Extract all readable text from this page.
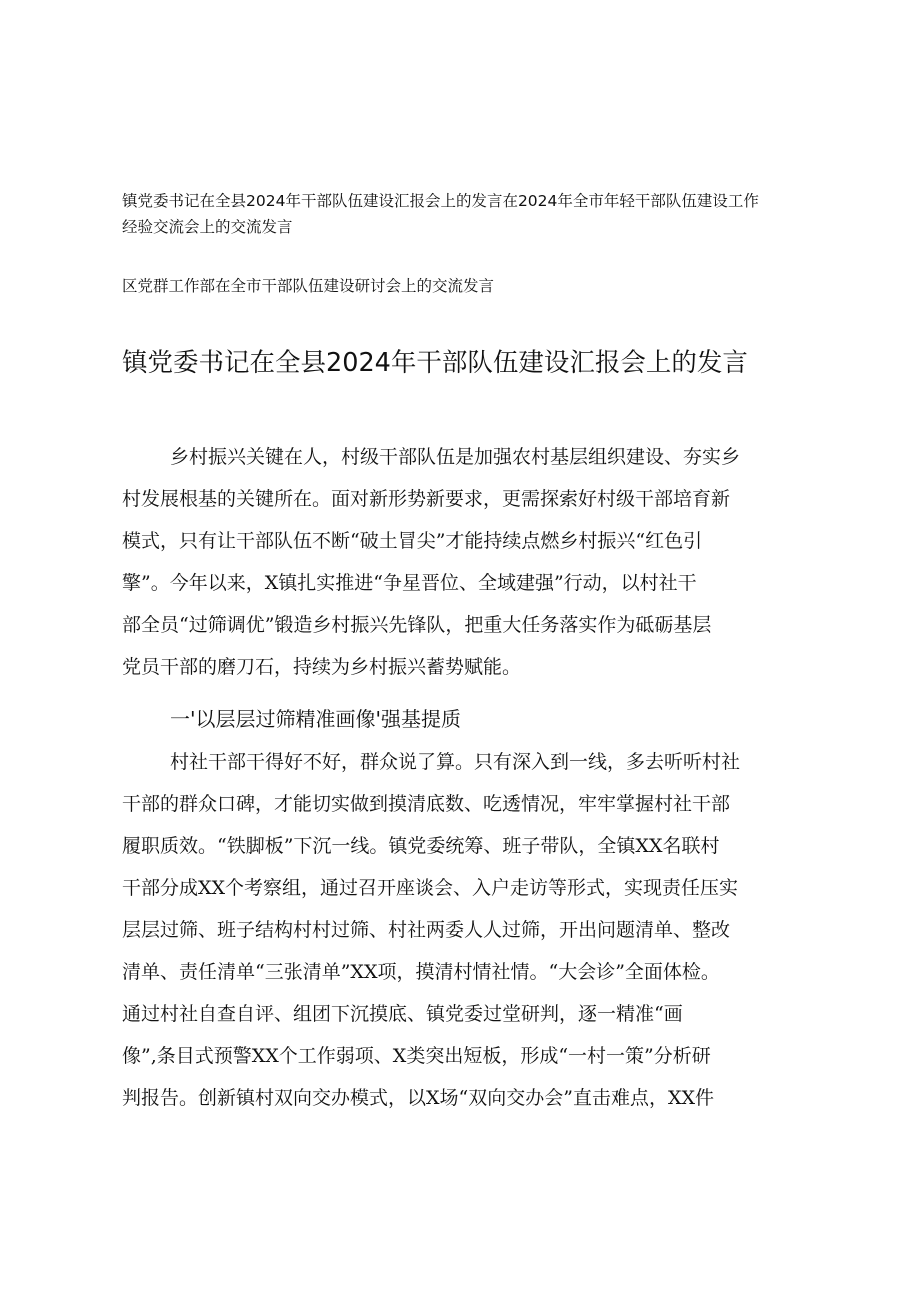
镇党委书记在全县2024年干部队伍建设汇报会上的发言在2024年全市年轻干部队伍建设工作
经验交流会上的交流发言
区党群工作部在全市干部队伍建设研讨会上的交流发言
镇党委书记在全县2024年干部队伍建设汇报会上的发言
乡村振兴关键在人，村级干部队伍是加强农村基层组织建设、夯实乡
村发展根基的关键所在。面对新形势新要求，更需探索好村级干部培育新
模式，只有让干部队伍不断“破土冒尖”才能持续点燃乡村振兴“红色引
擎”。今年以来，X镇扎实推进“争星晋位、全域建强”行动，以村社干
部全员“过筛调优”锻造乡村振兴先锋队，把重大任务落实作为砥砺基层
党员干部的磨刀石，持续为乡村振兴蓄势赋能。
一'以层层过筛精准画像'强基提质
村社干部干得好不好，群众说了算。只有深入到一线，多去听听村社
干部的群众口碑，才能切实做到摸清底数、吃透情况，牢牢掌握村社干部
履职质效。“铁脚板”下沉一线。镇党委统筹、班子带队，全镇XX名联村
干部分成XX个考察组，通过召开座谈会、入户走访等形式，实现责任压实
层层过筛、班子结构村村过筛、村社两委人人过筛，开出问题清单、整改
清单、责任清单“三张清单”XX项，摸清村情社情。“大会诊”全面体检。
通过村社自查自评、组团下沉摸底、镇党委过堂研判，逐一精准“画
像”,条目式预警XX个工作弱项、X类突出短板，形成“一村一策”分析研
判报告。创新镇村双向交办模式，以X场“双向交办会”直击难点，XX件
